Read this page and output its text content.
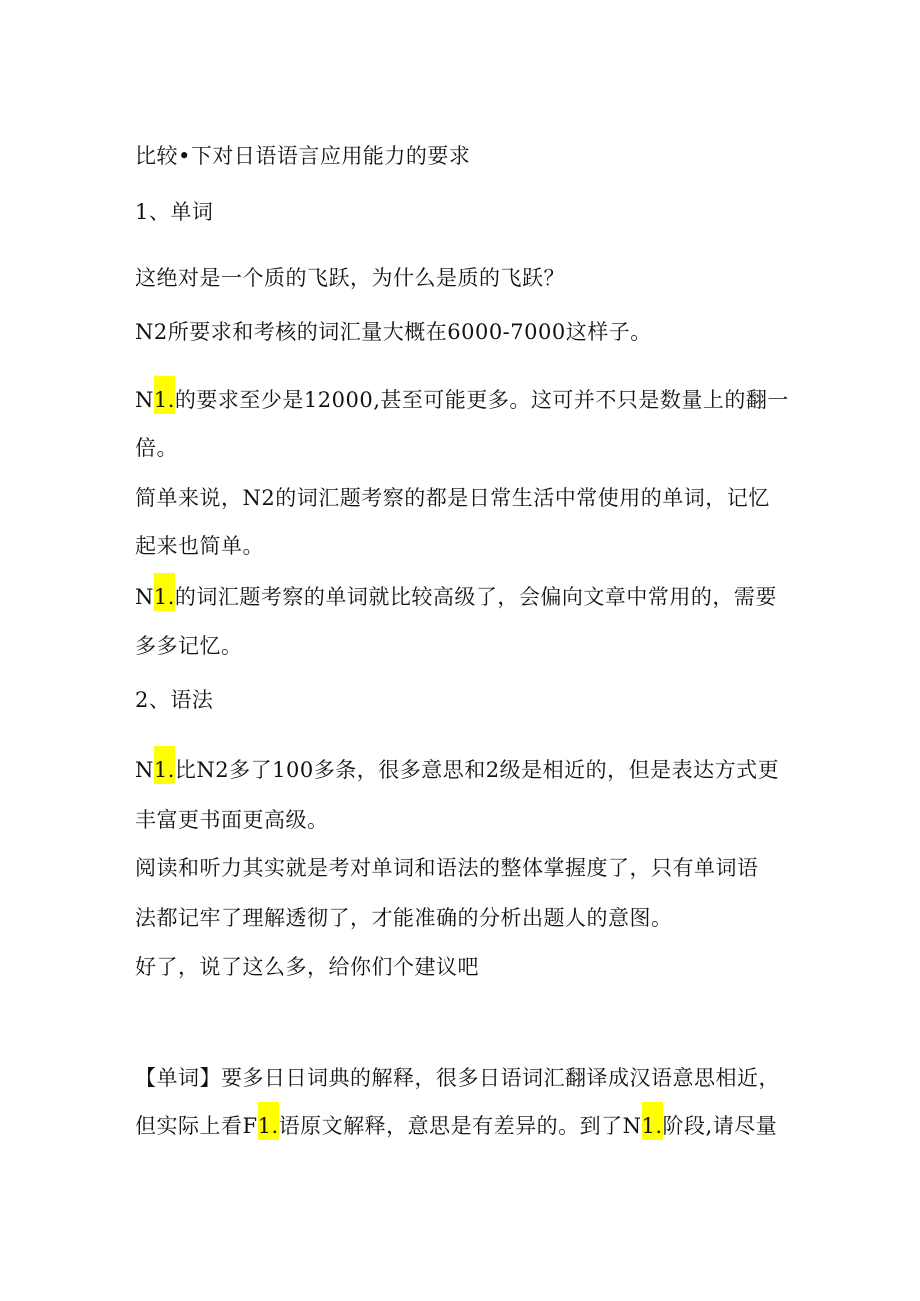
比较•下对日语语言应用能力的要求
1、单词
这绝对是一个质的飞跃，为什么是质的飞跃？
N2所要求和考核的词汇量大概在6000-7000这样子。
N1.的要求至少是12000,甚至可能更多。这可并不只是数量上的翻一
倍。
简单来说，N2的词汇题考察的都是日常生活中常使用的单词，记忆
起来也简单。
N1.的词汇题考察的单词就比较高级了，会偏向文章中常用的，需要
多多记忆。
2、语法
N1.比N2多了100多条，很多意思和2级是相近的，但是表达方式更
丰富更书面更高级。
阅读和听力其实就是考对单词和语法的整体掌握度了，只有单词语
法都记牢了理解透彻了，才能准确的分析出题人的意图。
好了，说了这么多，给你们个建议吧
【单词】要多日日词典的解释，很多日语词汇翻译成汉语意思相近，
但实际上看F1.语原文解释，意思是有差异的。到了N1.阶段,请尽量
